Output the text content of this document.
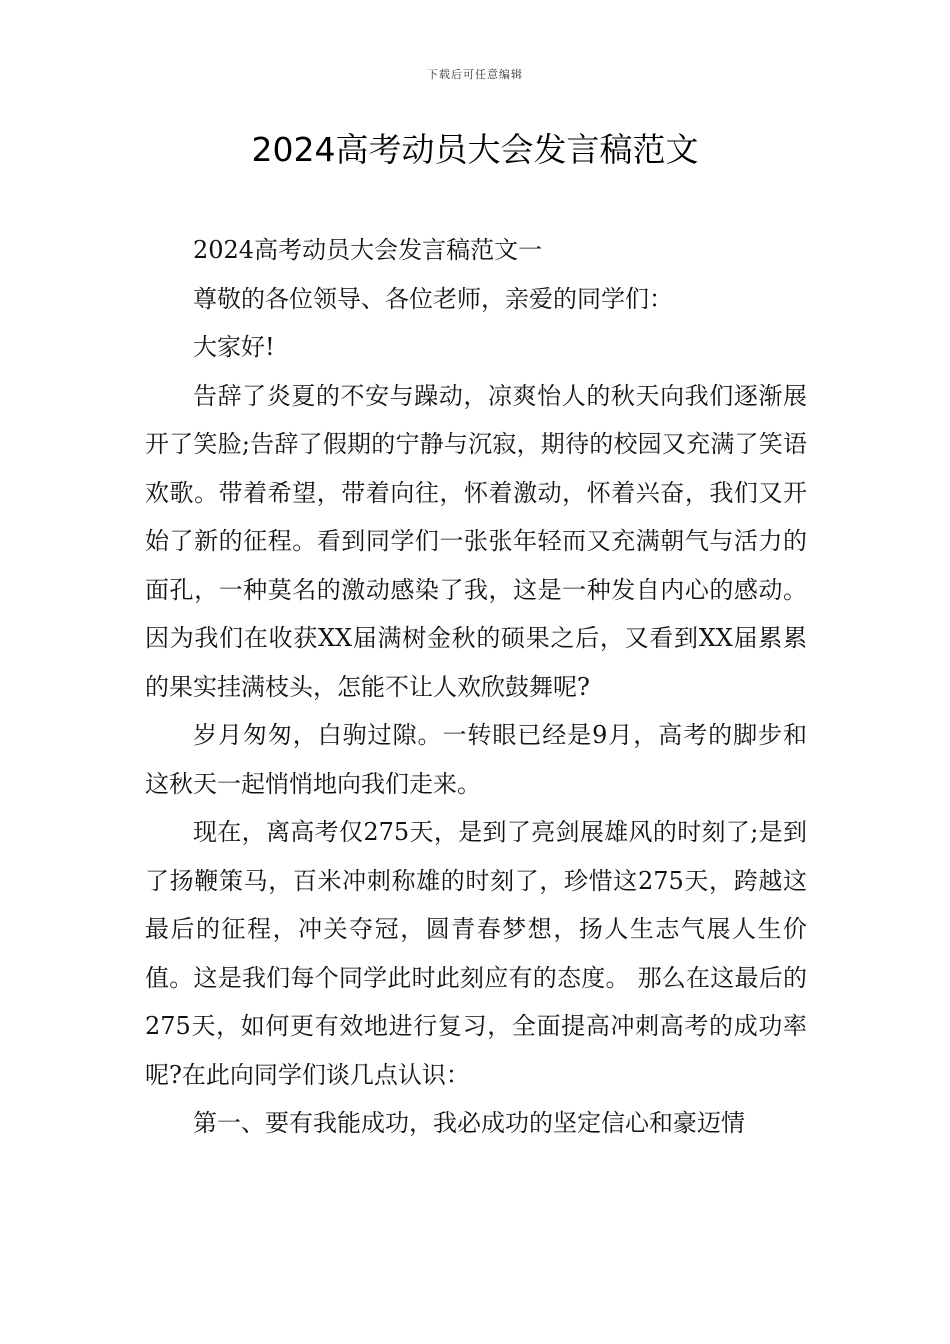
下载后可任意编辑
2024高考动员大会发言稿范文

2024高考动员大会发言稿范文一

尊敬的各位领导、各位老师，亲爱的同学们：

大家好!

告辞了炎夏的不安与躁动，凉爽怡人的秋天向我们逐渐展开了笑脸;告辞了假期的宁静与沉寂，期待的校园又充满了笑语欢歌。带着希望，带着向往，怀着激动，怀着兴奋，我们又开始了新的征程。看到同学们一张张年轻而又充满朝气与活力的面孔，一种莫名的激动感染了我，这是一种发自内心的感动。因为我们在收获XX届满树金秋的硕果之后，又看到XX届累累的果实挂满枝头，怎能不让人欢欣鼓舞呢?

岁月匆匆，白驹过隙。一转眼已经是9月，高考的脚步和这秋天一起悄悄地向我们走来。

现在，离高考仅275天，是到了亮剑展雄风的时刻了;是到了扬鞭策马，百米冲刺称雄的时刻了，珍惜这275天，跨越这最后的征程，冲关夺冠，圆青春梦想，扬人生志气展人生价值。这是我们每个同学此时此刻应有的态度。 那么在这最后的275天，如何更有效地进行复习，全面提高冲刺高考的成功率呢?在此向同学们谈几点认识：

第一、要有我能成功，我必成功的坚定信心和豪迈情
